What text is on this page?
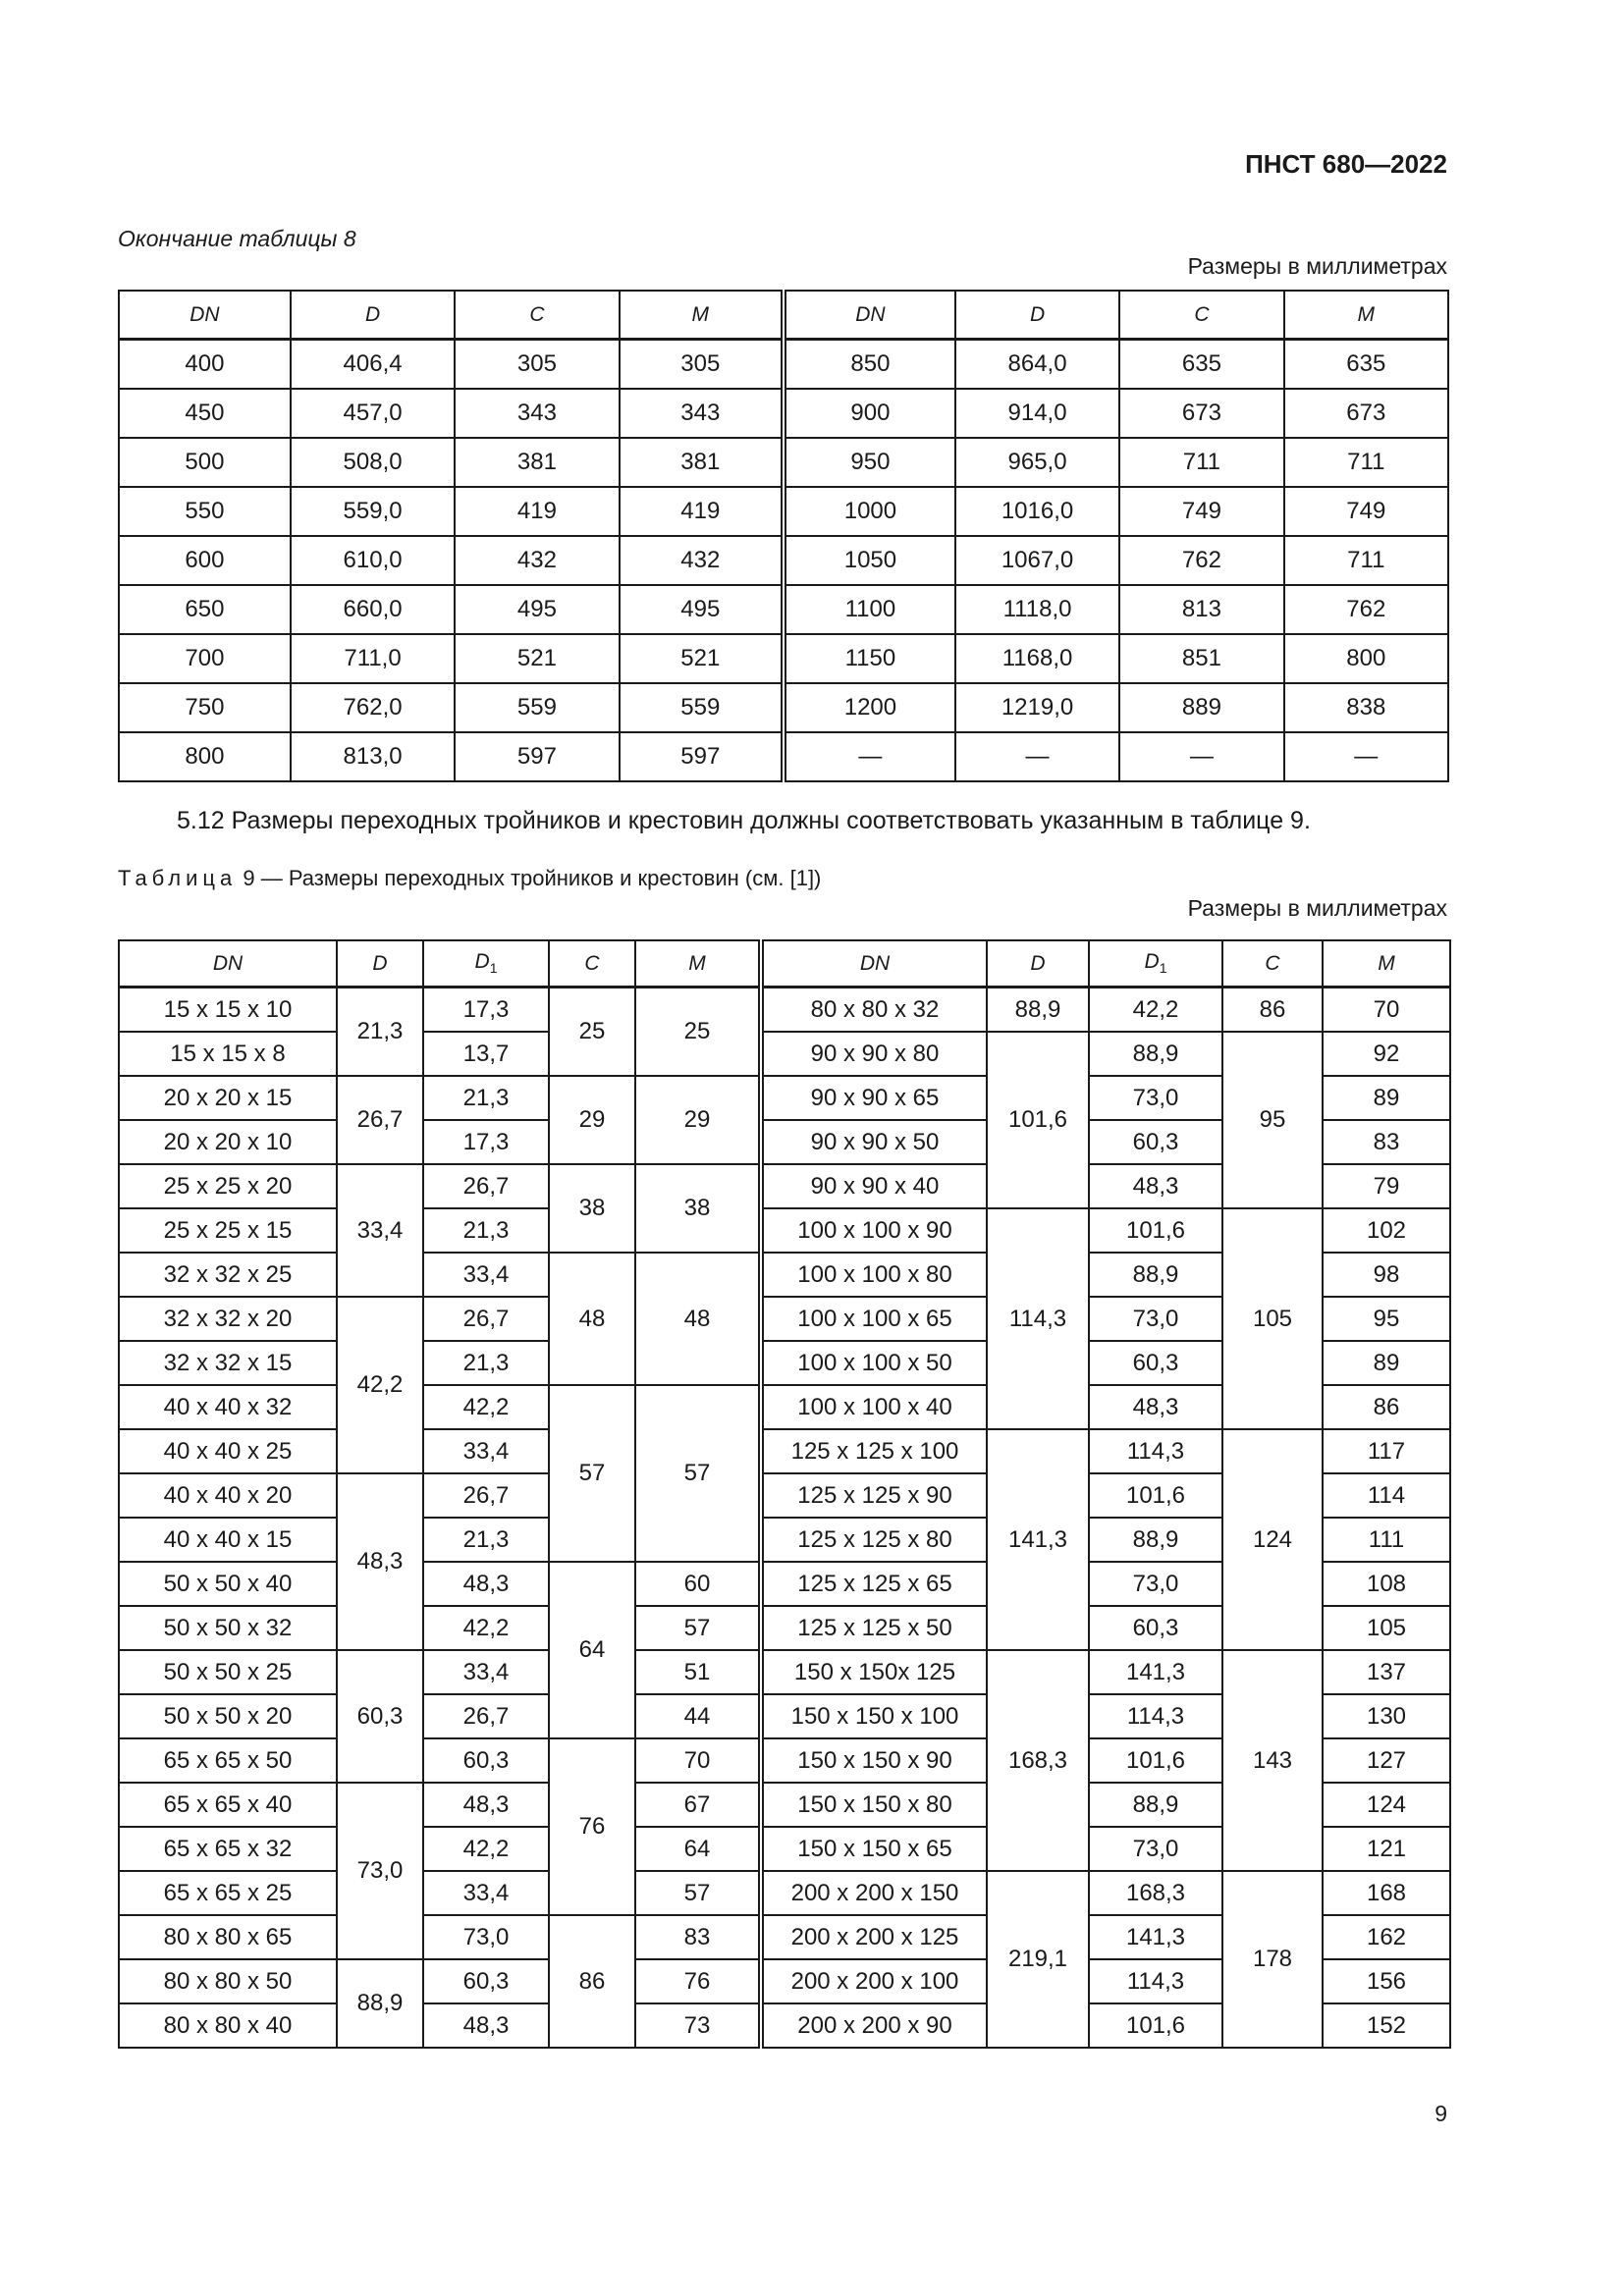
ПНСТ 680—2022
Окончание таблицы 8
Размеры в миллиметрах
DN	D	C	M	DN	D	C	M
400	406,4	305	305	850	864,0	635	635
450	457,0	343	343	900	914,0	673	673
500	508,0	381	381	950	965,0	711	711
550	559,0	419	419	1000	1016,0	749	749
600	610,0	432	432	1050	1067,0	762	711
650	660,0	495	495	1100	1118,0	813	762
700	711,0	521	521	1150	1168,0	851	800
750	762,0	559	559	1200	1219,0	889	838
800	813,0	597	597	—	—	—	—
5.12 Размеры переходных тройников и крестовин должны соответствовать указанным в таблице 9.
Таблица 9 — Размеры переходных тройников и крестовин (см. [1])
Размеры в миллиметрах
DN	D	$D_1$	C	M	DN	D	$D_1$	C	M
15 x 15 x 10	21,3	17,3	25	25	80 x 80 x 32	88,9	42,2	86	70
15 x 15 x 8		13,7			90 x 90 x 80	101,6	88,9	95	92
20 x 20 x 15	26,7	21,3	29	29	90 x 90 x 65		73,0		89
20 x 20 x 10		17,3			90 x 90 x 50		60,3		83
25 x 25 x 20	33,4	26,7	38	38	90 x 90 x 40		48,3		79
25 x 25 x 15		21,3			100 x 100 x 90	114,3	101,6	105	102
32 x 32 x 25		33,4	48	48	100 x 100 x 80		88,9		98
32 x 32 x 20	42,2	26,7			100 x 100 x 65		73,0		95
32 x 32 x 15		21,3			100 x 100 x 50		60,3		89
40 x 40 x 32		42,2	57	57	100 x 100 x 40		48,3		86
40 x 40 x 25		33,4			125 x 125 x 100	141,3	114,3	124	117
40 x 40 x 20	48,3	26,7			125 x 125 x 90		101,6		114
40 x 40 x 15		21,3			125 x 125 x 80		88,9		111
50 x 50 x 40		48,3	64	60	125 x 125 x 65		73,0		108
50 x 50 x 32		42,2		57	125 x 125 x 50		60,3		105
50 x 50 x 25	60,3	33,4		51	150 x 150x 125	168,3	141,3	143	137
50 x 50 x 20		26,7		44	150 x 150 x 100		114,3		130
65 x 65 x 50		60,3	76	70	150 x 150 x 90		101,6		127
65 x 65 x 40	73,0	48,3		67	150 x 150 x 80		88,9		124
65 x 65 x 32		42,2		64	150 x 150 x 65		73,0		121
65 x 65 x 25		33,4		57	200 x 200 x 150	219,1	168,3	178	168
80 x 80 x 65		73,0	86	83	200 x 200 x 125		141,3		162
80 x 80 x 50	88,9	60,3		76	200 x 200 x 100		114,3		156
80 x 80 x 40		48,3		73	200 x 200 x 90		101,6		152
9
